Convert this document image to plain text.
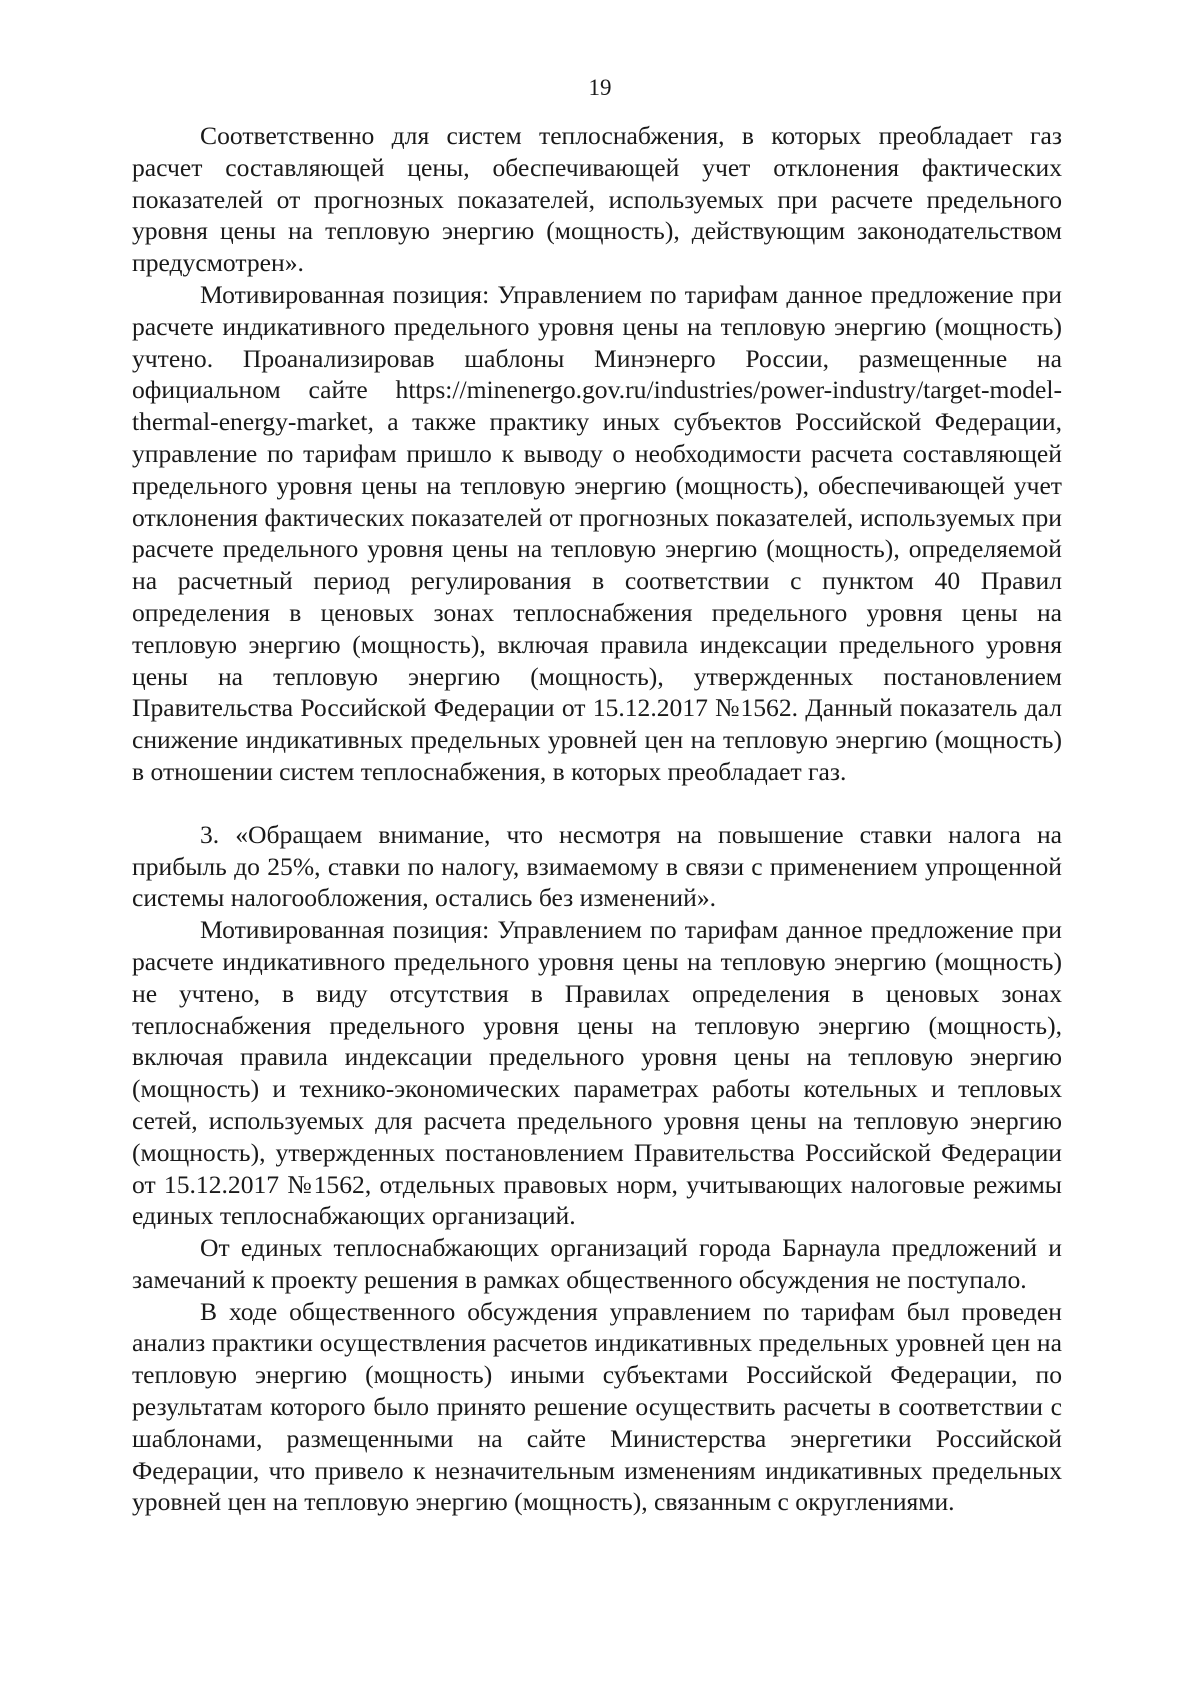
19

Соответственно для систем теплоснабжения, в которых преобладает газ расчет составляющей цены, обеспечивающей учет отклонения фактических показателей от прогнозных показателей, используемых при расчете предельного уровня цены на тепловую энергию (мощность), действующим законодательством предусмотрен».

Мотивированная позиция: Управлением по тарифам данное предложение при расчете индикативного предельного уровня цены на тепловую энергию (мощность) учтено. Проанализировав шаблоны Минэнерго России, размещенные на официальном сайте https://minenergo.gov.ru/industries/power-industry/target-model-thermal-energy-market, а также практику иных субъектов Российской Федерации, управление по тарифам пришло к выводу о необходимости расчета составляющей предельного уровня цены на тепловую энергию (мощность), обеспечивающей учет отклонения фактических показателей от прогнозных показателей, используемых при расчете предельного уровня цены на тепловую энергию (мощность), определяемой на расчетный период регулирования в соответствии с пунктом 40 Правил определения в ценовых зонах теплоснабжения предельного уровня цены на тепловую энергию (мощность), включая правила индексации предельного уровня цены на тепловую энергию (мощность), утвержденных постановлением Правительства Российской Федерации от 15.12.2017 №1562. Данный показатель дал снижение индикативных предельных уровней цен на тепловую энергию (мощность) в отношении систем теплоснабжения, в которых преобладает газ.

3. «Обращаем внимание, что несмотря на повышение ставки налога на прибыль до 25%, ставки по налогу, взимаемому в связи с применением упрощенной системы налогообложения, остались без изменений».

Мотивированная позиция: Управлением по тарифам данное предложение при расчете индикативного предельного уровня цены на тепловую энергию (мощность) не учтено, в виду отсутствия в Правилах определения в ценовых зонах теплоснабжения предельного уровня цены на тепловую энергию (мощность), включая правила индексации предельного уровня цены на тепловую энергию (мощность) и технико-экономических параметрах работы котельных и тепловых сетей, используемых для расчета предельного уровня цены на тепловую энергию (мощность), утвержденных постановлением Правительства Российской Федерации от 15.12.2017 №1562, отдельных правовых норм, учитывающих налоговые режимы единых теплоснабжающих организаций.

От единых теплоснабжающих организаций города Барнаула предложений и замечаний к проекту решения в рамках общественного обсуждения не поступало.

В ходе общественного обсуждения управлением по тарифам был проведен анализ практики осуществления расчетов индикативных предельных уровней цен на тепловую энергию (мощность) иными субъектами Российской Федерации, по результатам которого было принято решение осуществить расчеты в соответствии с шаблонами, размещенными на сайте Министерства энергетики Российской Федерации, что привело к незначительным изменениям индикативных предельных уровней цен на тепловую энергию (мощность), связанным с округлениями.
